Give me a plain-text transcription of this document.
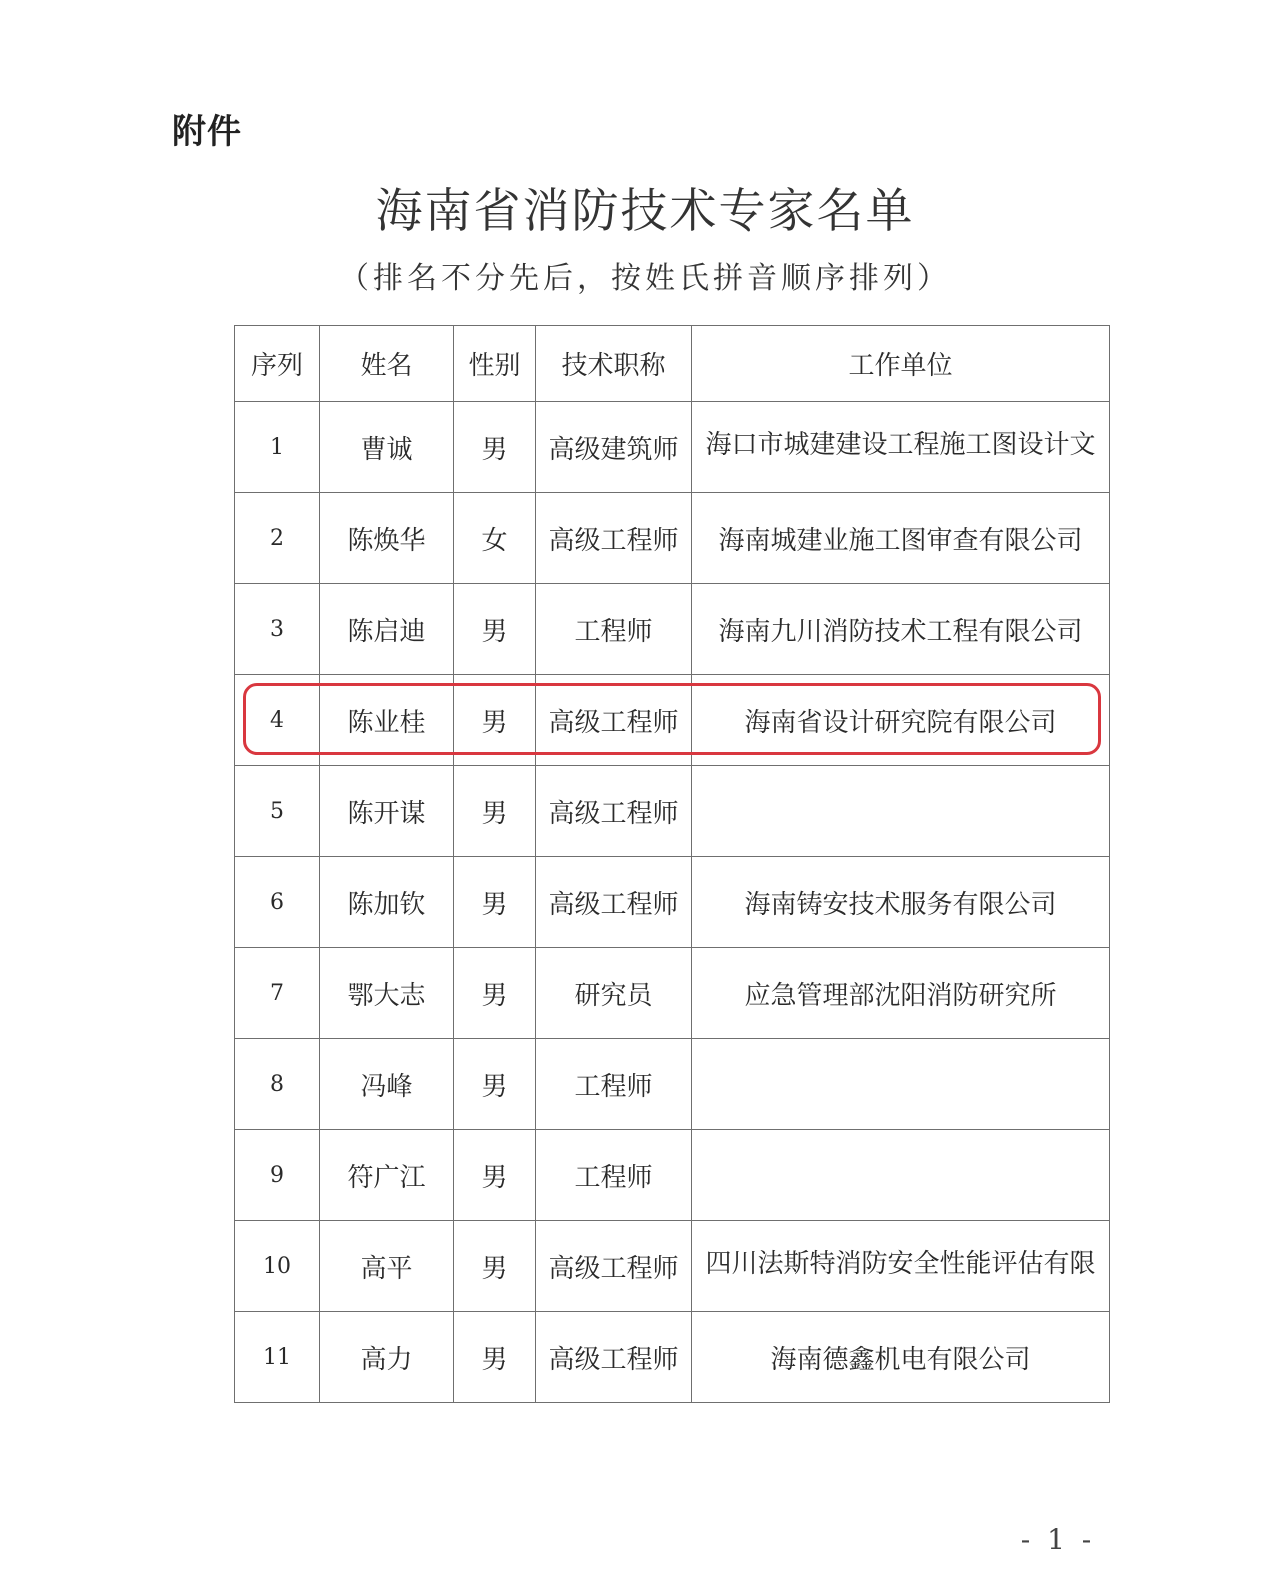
附件
海南省消防技术专家名单
（排名不分先后，按姓氏拼音顺序排列）
序列	姓名	性别	技术职称	工作单位
1	曹诚	男	高级建筑师	海口市城建建设工程施工图设计文
2	陈焕华	女	高级工程师	海南城建业施工图审查有限公司
3	陈启迪	男	工程师	海南九川消防技术工程有限公司
4	陈业桂	男	高级工程师	海南省设计研究院有限公司
5	陈开谋	男	高级工程师	
6	陈加钦	男	高级工程师	海南铸安技术服务有限公司
7	鄂大志	男	研究员	应急管理部沈阳消防研究所
8	冯峰	男	工程师	
9	符广江	男	工程师	
10	高平	男	高级工程师	四川法斯特消防安全性能评估有限
11	高力	男	高级工程师	海南德鑫机电有限公司
- 1 -
